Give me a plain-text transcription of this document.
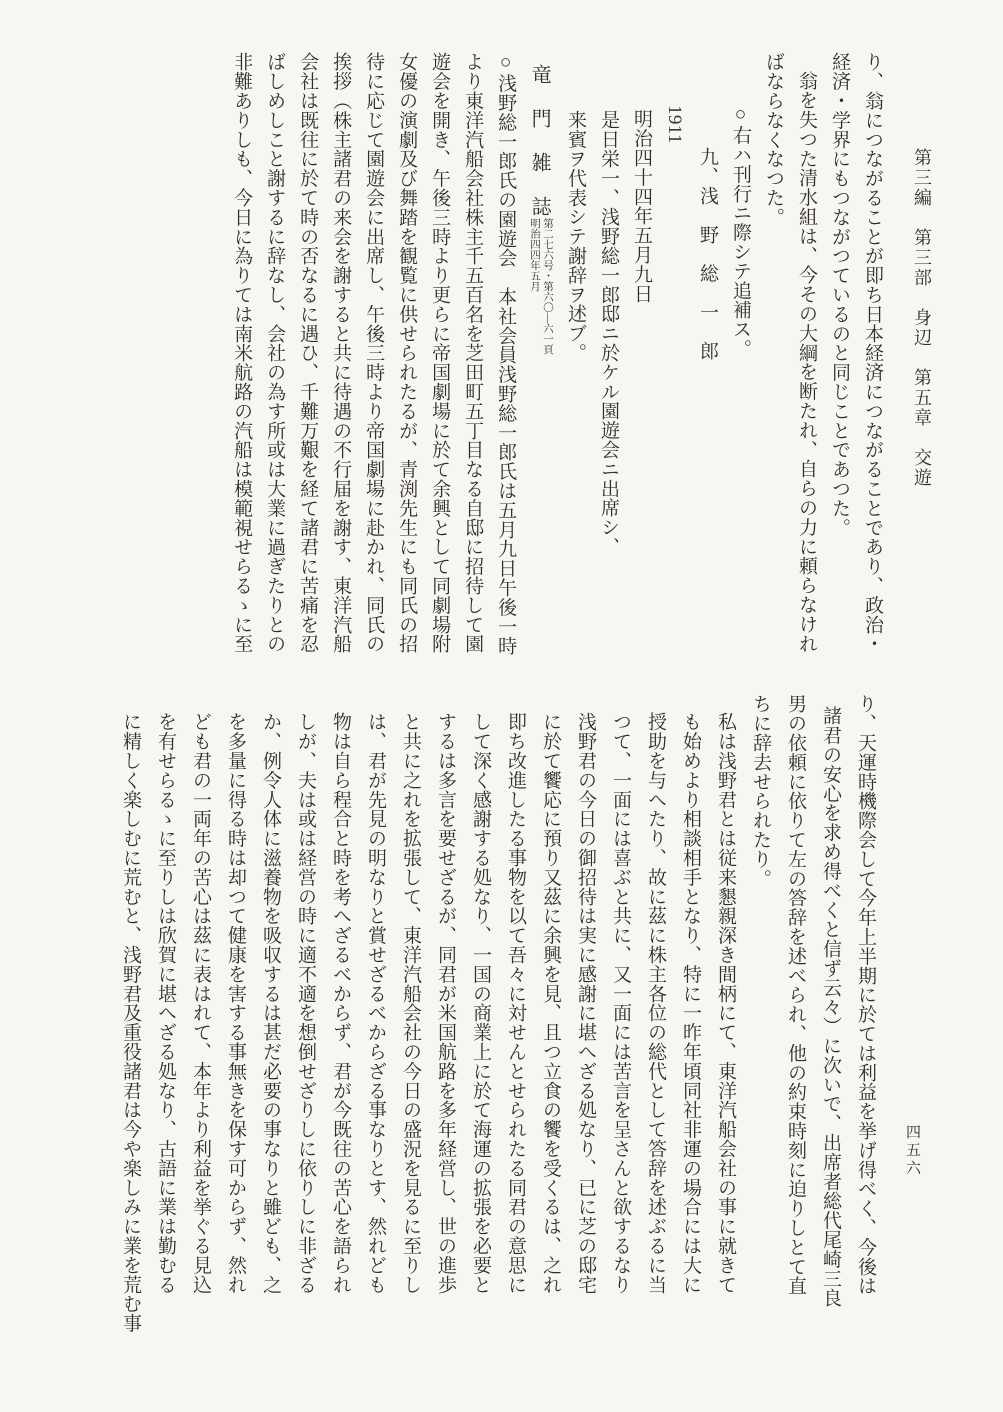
第三編　第三部　身辺　第五章　交遊

り、翁につながることが即ち日本経済につながることであり、政治・

経済・学界にもつながつているのと同じことであつた。

翁を失つた清水組は、今その大綱を断たれ、自らの力に頼らなけれ

ばならなくなつた。

○右ハ刊行ニ際シテ追補ス。

九、浅　野　総　一　郎

1911

明治四十四年五月九日

是日栄一、浅野総一郎邸ニ於ケル園遊会ニ出席シ、

来賓ヲ代表シテ謝辞ヲ述ブ。

竜　門　雑　誌
第二七六号・第六〇―六一頁
明治四四年五月

○浅野総一郎氏の園遊会　本社会員浅野総一郎氏は五月九日午後一時

より東洋汽船会社株主千五百名を芝田町五丁目なる自邸に招待して園

遊会を開き、午後三時より更らに帝国劇場に於て余興として同劇場附

女優の演劇及び舞踏を観覧に供せられたるが、青渕先生にも同氏の招

待に応じて園遊会に出席し、午後三時より帝国劇場に赴かれ、同氏の

挨拶（株主諸君の来会を謝すると共に待遇の不行届を謝す、東洋汽船

会社は既往に於て時の否なるに遇ひ、千難万艱を経て諸君に苦痛を忍

ばしめしこと謝するに辞なし、会社の為す所或は大業に過ぎたりとの

非難ありしも、今日に為りては南米航路の汽船は模範視せらるゝに至

り、天運時機際会して今年上半期に於ては利益を挙げ得べく、今後は

諸君の安心を求め得べくと信ず云々）に次いで、出席者総代尾崎三良

男の依頼に依りて左の答辞を述べられ、他の約束時刻に迫りしとて直

ちに辞去せられたり。

私は浅野君とは従来懇親深き間柄にて、東洋汽船会社の事に就きて

も始めより相談相手となり、特に一昨年頃同社非運の場合には大に

授助を与へたり、故に茲に株主各位の総代として答辞を述ぶるに当

つて、一面には喜ぶと共に、又一面には苦言を呈さんと欲するなり

浅野君の今日の御招待は実に感謝に堪へざる処なり、已に芝の邸宅

に於て饗応に預り又茲に余興を見、且つ立食の饗を受くるは、之れ

即ち改進したる事物を以て吾々に対せんとせられたる同君の意思に

して深く感謝する処なり、一国の商業上に於て海運の拡張を必要と

するは多言を要せざるが、同君が米国航路を多年経営し、世の進歩

と共に之れを拡張して、東洋汽船会社の今日の盛況を見るに至りし

は、君が先見の明なりと賞せざるべからざる事なりとす、然れども

物は自ら程合と時を考へざるべからず、君が今既往の苦心を語られ

しが、夫は或は経営の時に適不適を想倒せざりしに依りしに非ざる

か、例令人体に滋養物を吸収するは甚だ必要の事なりと雖ども、之

を多量に得る時は却つて健康を害する事無きを保す可からず、然れ

ども君の一両年の苦心は茲に表はれて、本年より利益を挙ぐる見込

を有せらるゝに至りしは欣賀に堪へざる処なり、古語に業は勤むる

に精しく楽しむに荒むと、浅野君及重役諸君は今や楽しみに業を荒む事	四五六
